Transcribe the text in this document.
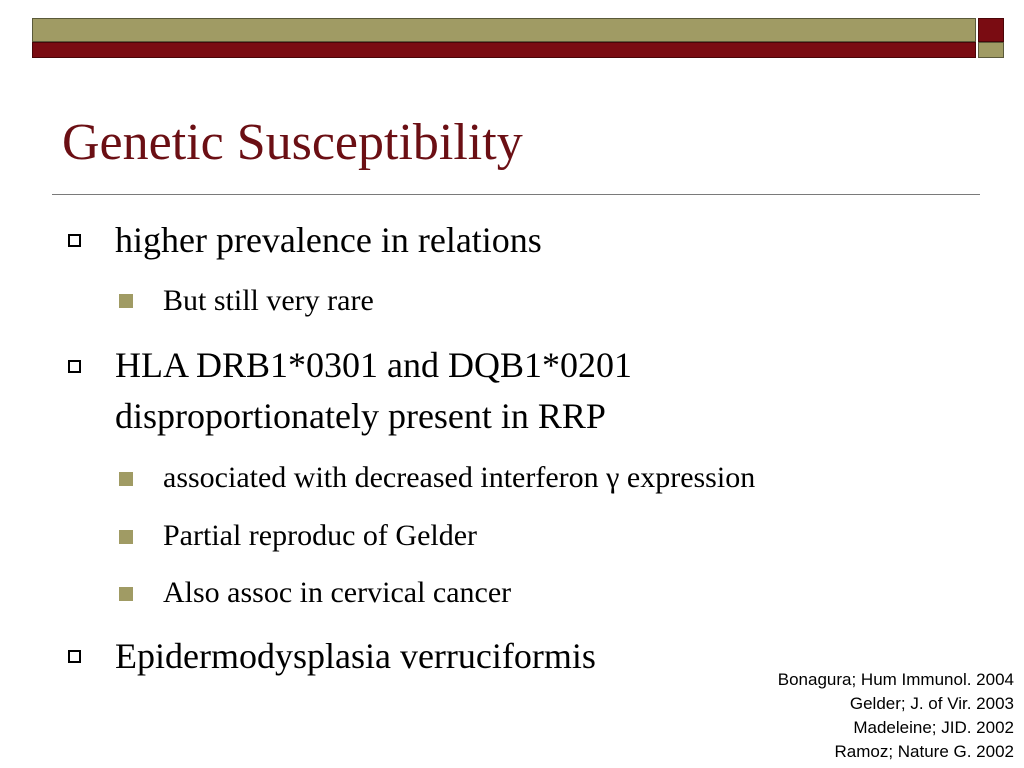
Genetic Susceptibility
higher prevalence in relations
But still very rare
HLA DRB1*0301 and DQB1*0201
disproportionately present in RRP
associated with decreased interferon γ expression
Partial reproduc of Gelder
Also assoc in cervical cancer
Epidermodysplasia verruciformis
Bonagura; Hum Immunol. 2004
Gelder; J. of Vir. 2003
Madeleine; JID. 2002
Ramoz; Nature G. 2002
